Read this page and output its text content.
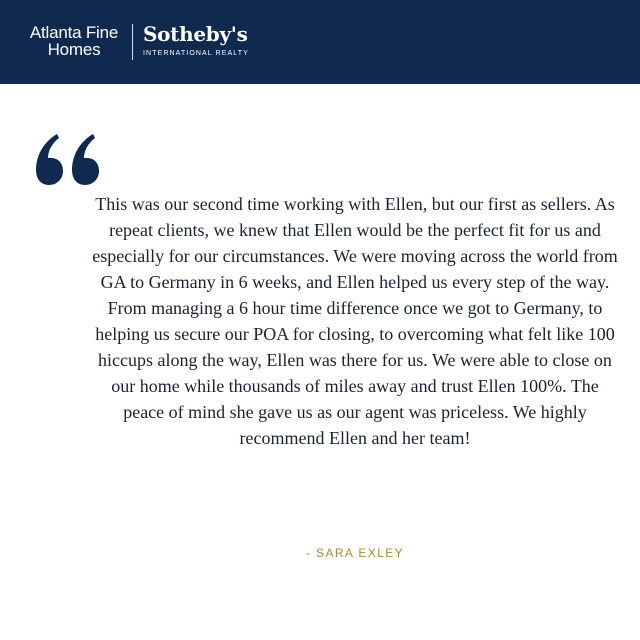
Atlanta Fine
Homes
Sotheby's
INTERNATIONAL REALTY

This was our second time working with Ellen, but our first as sellers. As repeat clients, we knew that Ellen would be the perfect fit for us and especially for our circumstances. We were moving across the world from GA to Germany in 6 weeks, and Ellen helped us every step of the way. From managing a 6 hour time difference once we got to Germany, to helping us secure our POA for closing, to overcoming what felt like 100 hiccups along the way, Ellen was there for us. We were able to close on our home while thousands of miles away and trust Ellen 100%. The peace of mind she gave us as our agent was priceless. We highly recommend Ellen and her team!

- SARA EXLEY
